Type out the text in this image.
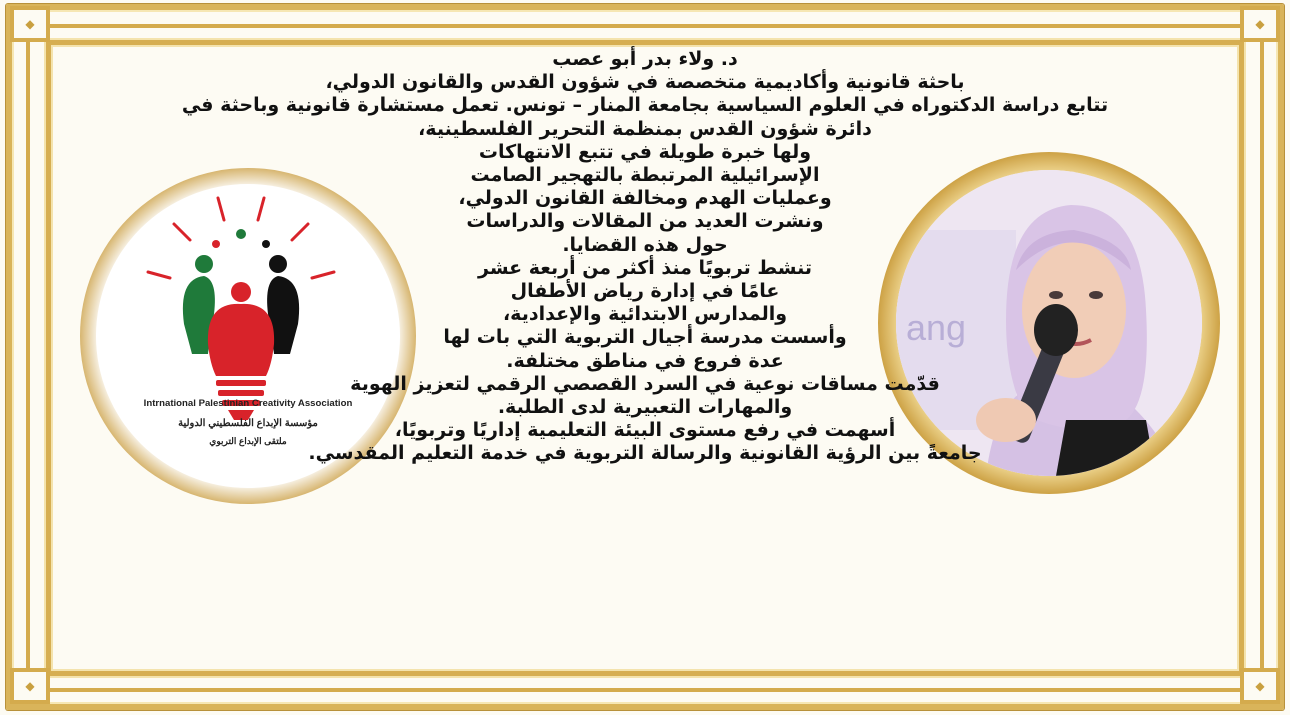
◆	◆
◆	◆
ang
Intrnational Palestinian Creativity Association
مؤسسة الإبداع الفلسطيني الدولية
ملتقى الإبداع التربوي
د. ولاء بدر أبو عصب
باحثة قانونية وأكاديمية متخصصة في شؤون القدس والقانون الدولي،
تتابع دراسة الدكتوراه في العلوم السياسية بجامعة المنار – تونس. تعمل مستشارة قانونية وباحثة في
دائرة شؤون القدس بمنظمة التحرير الفلسطينية،
ولها خبرة طويلة في تتبع الانتهاكات
الإسرائيلية المرتبطة بالتهجير الصامت
وعمليات الهدم ومخالفة القانون الدولي،
ونشرت العديد من المقالات والدراسات
حول هذه القضايا.
تنشط تربويًا منذ أكثر من أربعة عشر
عامًا في إدارة رياض الأطفال
والمدارس الابتدائية والإعدادية،
وأسست مدرسة أجيال التربوية التي بات لها
عدة فروع في مناطق مختلفة.
قدّمت مساقات نوعية في السرد القصصي الرقمي لتعزيز الهوية
والمهارات التعبيرية لدى الطلبة.
أسهمت في رفع مستوى البيئة التعليمية إداريًا وتربويًا،
جامعةً بين الرؤية القانونية والرسالة التربوية في خدمة التعليم المقدسي.
